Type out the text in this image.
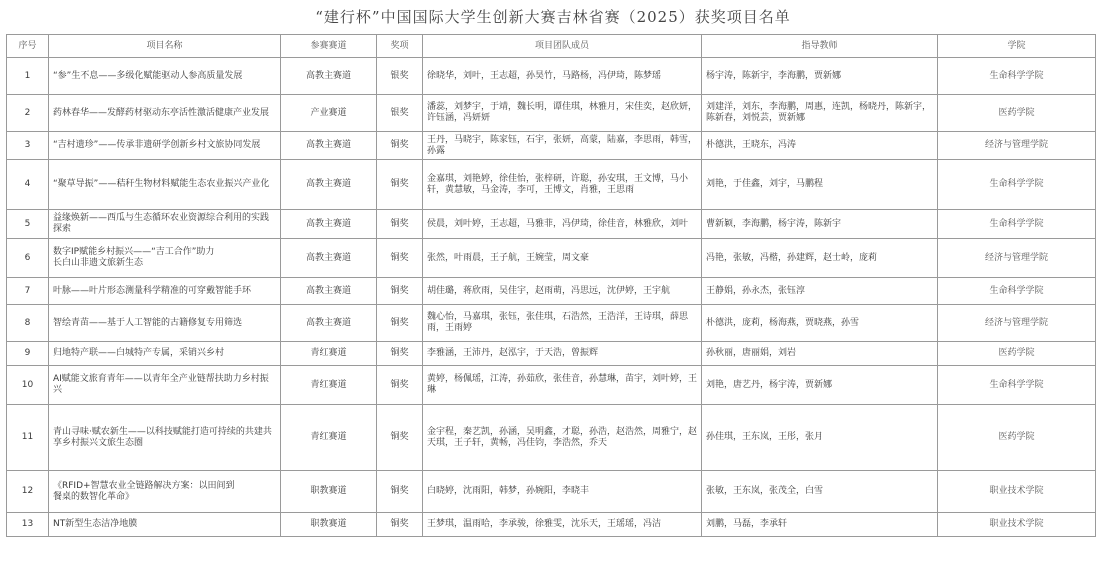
“建行杯”中国国际大学生创新大赛吉林省赛（2025）获奖项目名单
序号	项目名称	参赛赛道	奖项	项目团队成员	指导教师	学院
1	“参”生不息——多级化赋能驱动人参高质量发展	高教主赛道	银奖	徐晓华，刘叶，王志超，孙昊竹，马路杨，冯伊琦，陈梦瑶	杨宇涛，陈新宇，李海鹏，贾新娜	生命科学学院
2	药林春华——发酵药材驱动东亭活性激活健康产业发展	产业赛道	银奖	潘蕊，刘梦宇，于靖，魏长明，谭佳琪，林雅月，宋佳奕，赵欣妍，许钰涵，冯妍妍	刘建洋，刘东，李海鹏，周惠，连凯，杨晓丹，陈新宇，陈新春，刘悦芸，贾新娜	医药学院
3	“吉村遗珍”——传承非遗研学创新乡村文旅协同发展	高教主赛道	铜奖	王丹，马晓宇，陈家钰，石宇，张妍，高蒙，陆嘉，李思雨，韩雪，孙露	朴德洪，王晓东，冯涛	经济与管理学院
4	“聚草导振”——秸秆生物材料赋能生态农业振兴产业化	高教主赛道	铜奖	金嘉琪，刘艳婷，徐佳怡，张梓研，许聪，孙安琪，王文博，马小轩，黄慧敏，马金涛，李可，王博文，肖雅，王思雨	刘艳，于佳鑫，刘宇，马鹏程	生命科学学院
5	益缘焕新——西瓜与生态循环农业资源综合利用的实践探索	高教主赛道	铜奖	侯晨，刘叶婷，王志超，马雅菲，冯伊琦，徐佳音，林雅欣，刘叶	曹新颖，李海鹏，杨宇涛，陈新宇	生命科学学院
6	数字IP赋能乡村振兴——“吉工合作”助力
长白山非遗文旅新生态	高教主赛道	铜奖	张然，叶雨晨，王子航，王婉莹，周文豪	冯艳，张敏，冯楷，孙建辉，赵士岭，庞莉	经济与管理学院
7	叶脉——叶片形态测量科学精准的可穿戴智能手环	高教主赛道	铜奖	胡佳璐，蒋欣雨，吴佳宇，赵雨萌，冯思远，沈伊婷，王宇航	王静娟，孙永杰，张钰淳	生命科学学院
8	智绘青苗——基于人工智能的古籍修复专用筛选	高教主赛道	铜奖	魏心怡，马嘉琪，张钰，张佳琪，石浩然，王浩洋，王诗琪，薛思雨，王雨婷	朴德洪，庞莉，杨海燕，贾晓燕，孙雪	经济与管理学院
9	归地特产联——白城特产专属，采销兴乡村	青红赛道	铜奖	李雅涵，王沛丹，赵泓宇，于天浩，曾振辉	孙秋丽，唐丽娟，刘岩	医药学院
10	AI赋能文旅育青年——以青年全产业链帮扶助力乡村振兴	青红赛道	铜奖	黄婷，杨佩瑶，江涛，孙茹欣，张佳音，孙慧琳，苗宇，刘叶婷，王琳	刘艳，唐艺丹，杨宇涛，贾新娜	生命科学学院
11	青山寻味·赋农新生——以科技赋能打造可持续的共建共享乡村振兴文旅生态圈	青红赛道	铜奖	金宇程，秦艺凯，孙涵，吴明鑫，才聪，孙浩，赵浩然，周雅宁，赵天琪，王子轩，黄畅，冯佳钧，李浩然，乔天	孙佳琪，王东岚，王彤，张月	医药学院
12	《RFID+智慧农业全链路解决方案：以田间到
餐桌的数智化革命》	职教赛道	铜奖	白晓婷，沈雨阳，韩梦，孙婉阳，李晓丰	张敏，王东岚，张茂全，白雪	职业技术学院
13	NT新型生态洁净地膜	职教赛道	铜奖	王梦琪，温雨哈，李承骏，徐雅雯，沈乐天，王瑶瑶，冯洁	刘鹏，马磊，李承轩	职业技术学院
